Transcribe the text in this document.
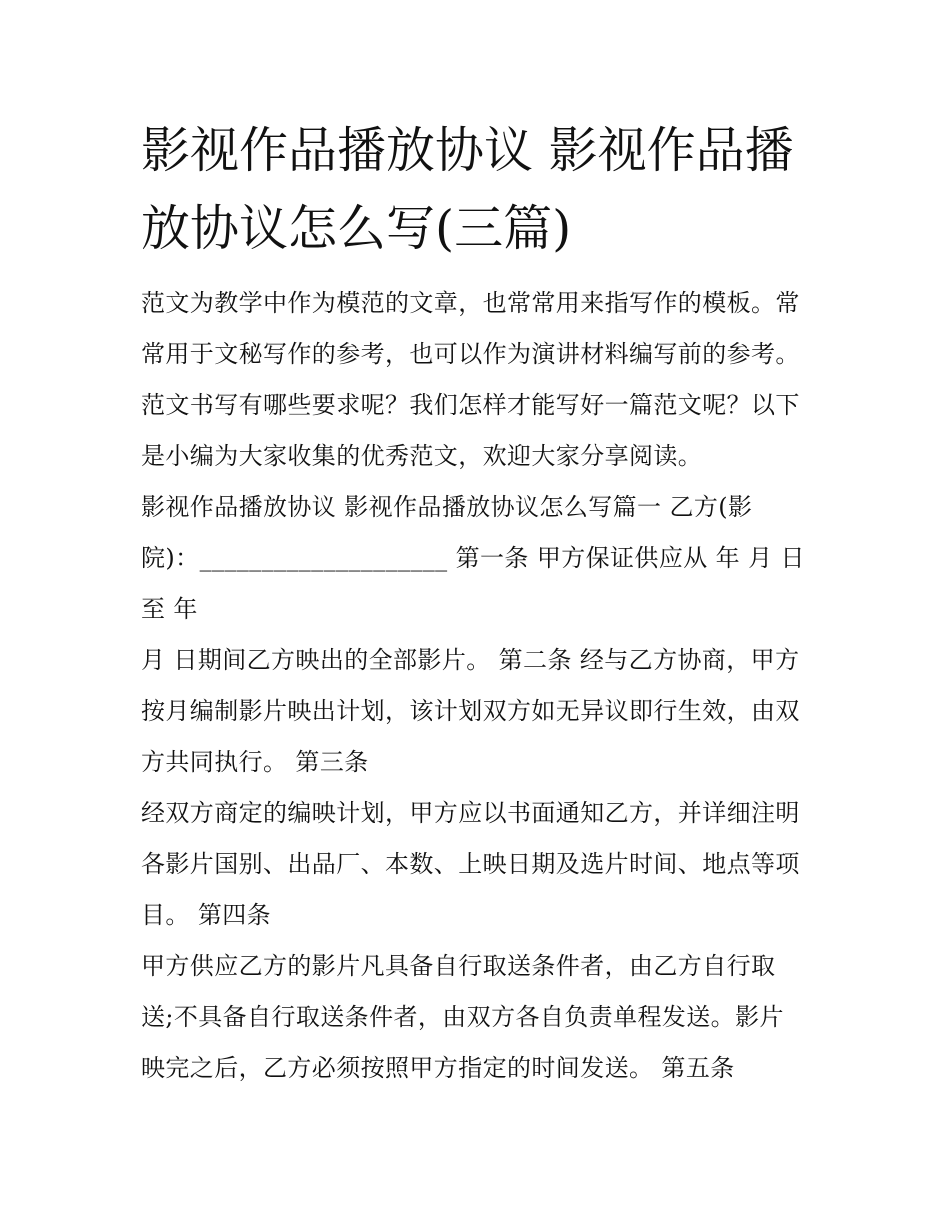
影视作品播放协议 影视作品播
放协议怎么写(三篇)
范文为教学中作为模范的文章，也常常用来指写作的模板。常
常用于文秘写作的参考，也可以作为演讲材料编写前的参考。
范文书写有哪些要求呢？我们怎样才能写好一篇范文呢？以下
是小编为大家收集的优秀范文，欢迎大家分享阅读。
影视作品播放协议 影视作品播放协议怎么写篇一 乙方(影
院)：____________________ 第一条 甲方保证供应从 年 月 日
至 年
月 日期间乙方映出的全部影片。 第二条 经与乙方协商，甲方
按月编制影片映出计划，该计划双方如无异议即行生效，由双
方共同执行。 第三条
经双方商定的编映计划，甲方应以书面通知乙方，并详细注明
各影片国别、出品厂、本数、上映日期及选片时间、地点等项
目。 第四条
甲方供应乙方的影片凡具备自行取送条件者，由乙方自行取
送;不具备自行取送条件者，由双方各自负责单程发送。影片
映完之后，乙方必须按照甲方指定的时间发送。 第五条
